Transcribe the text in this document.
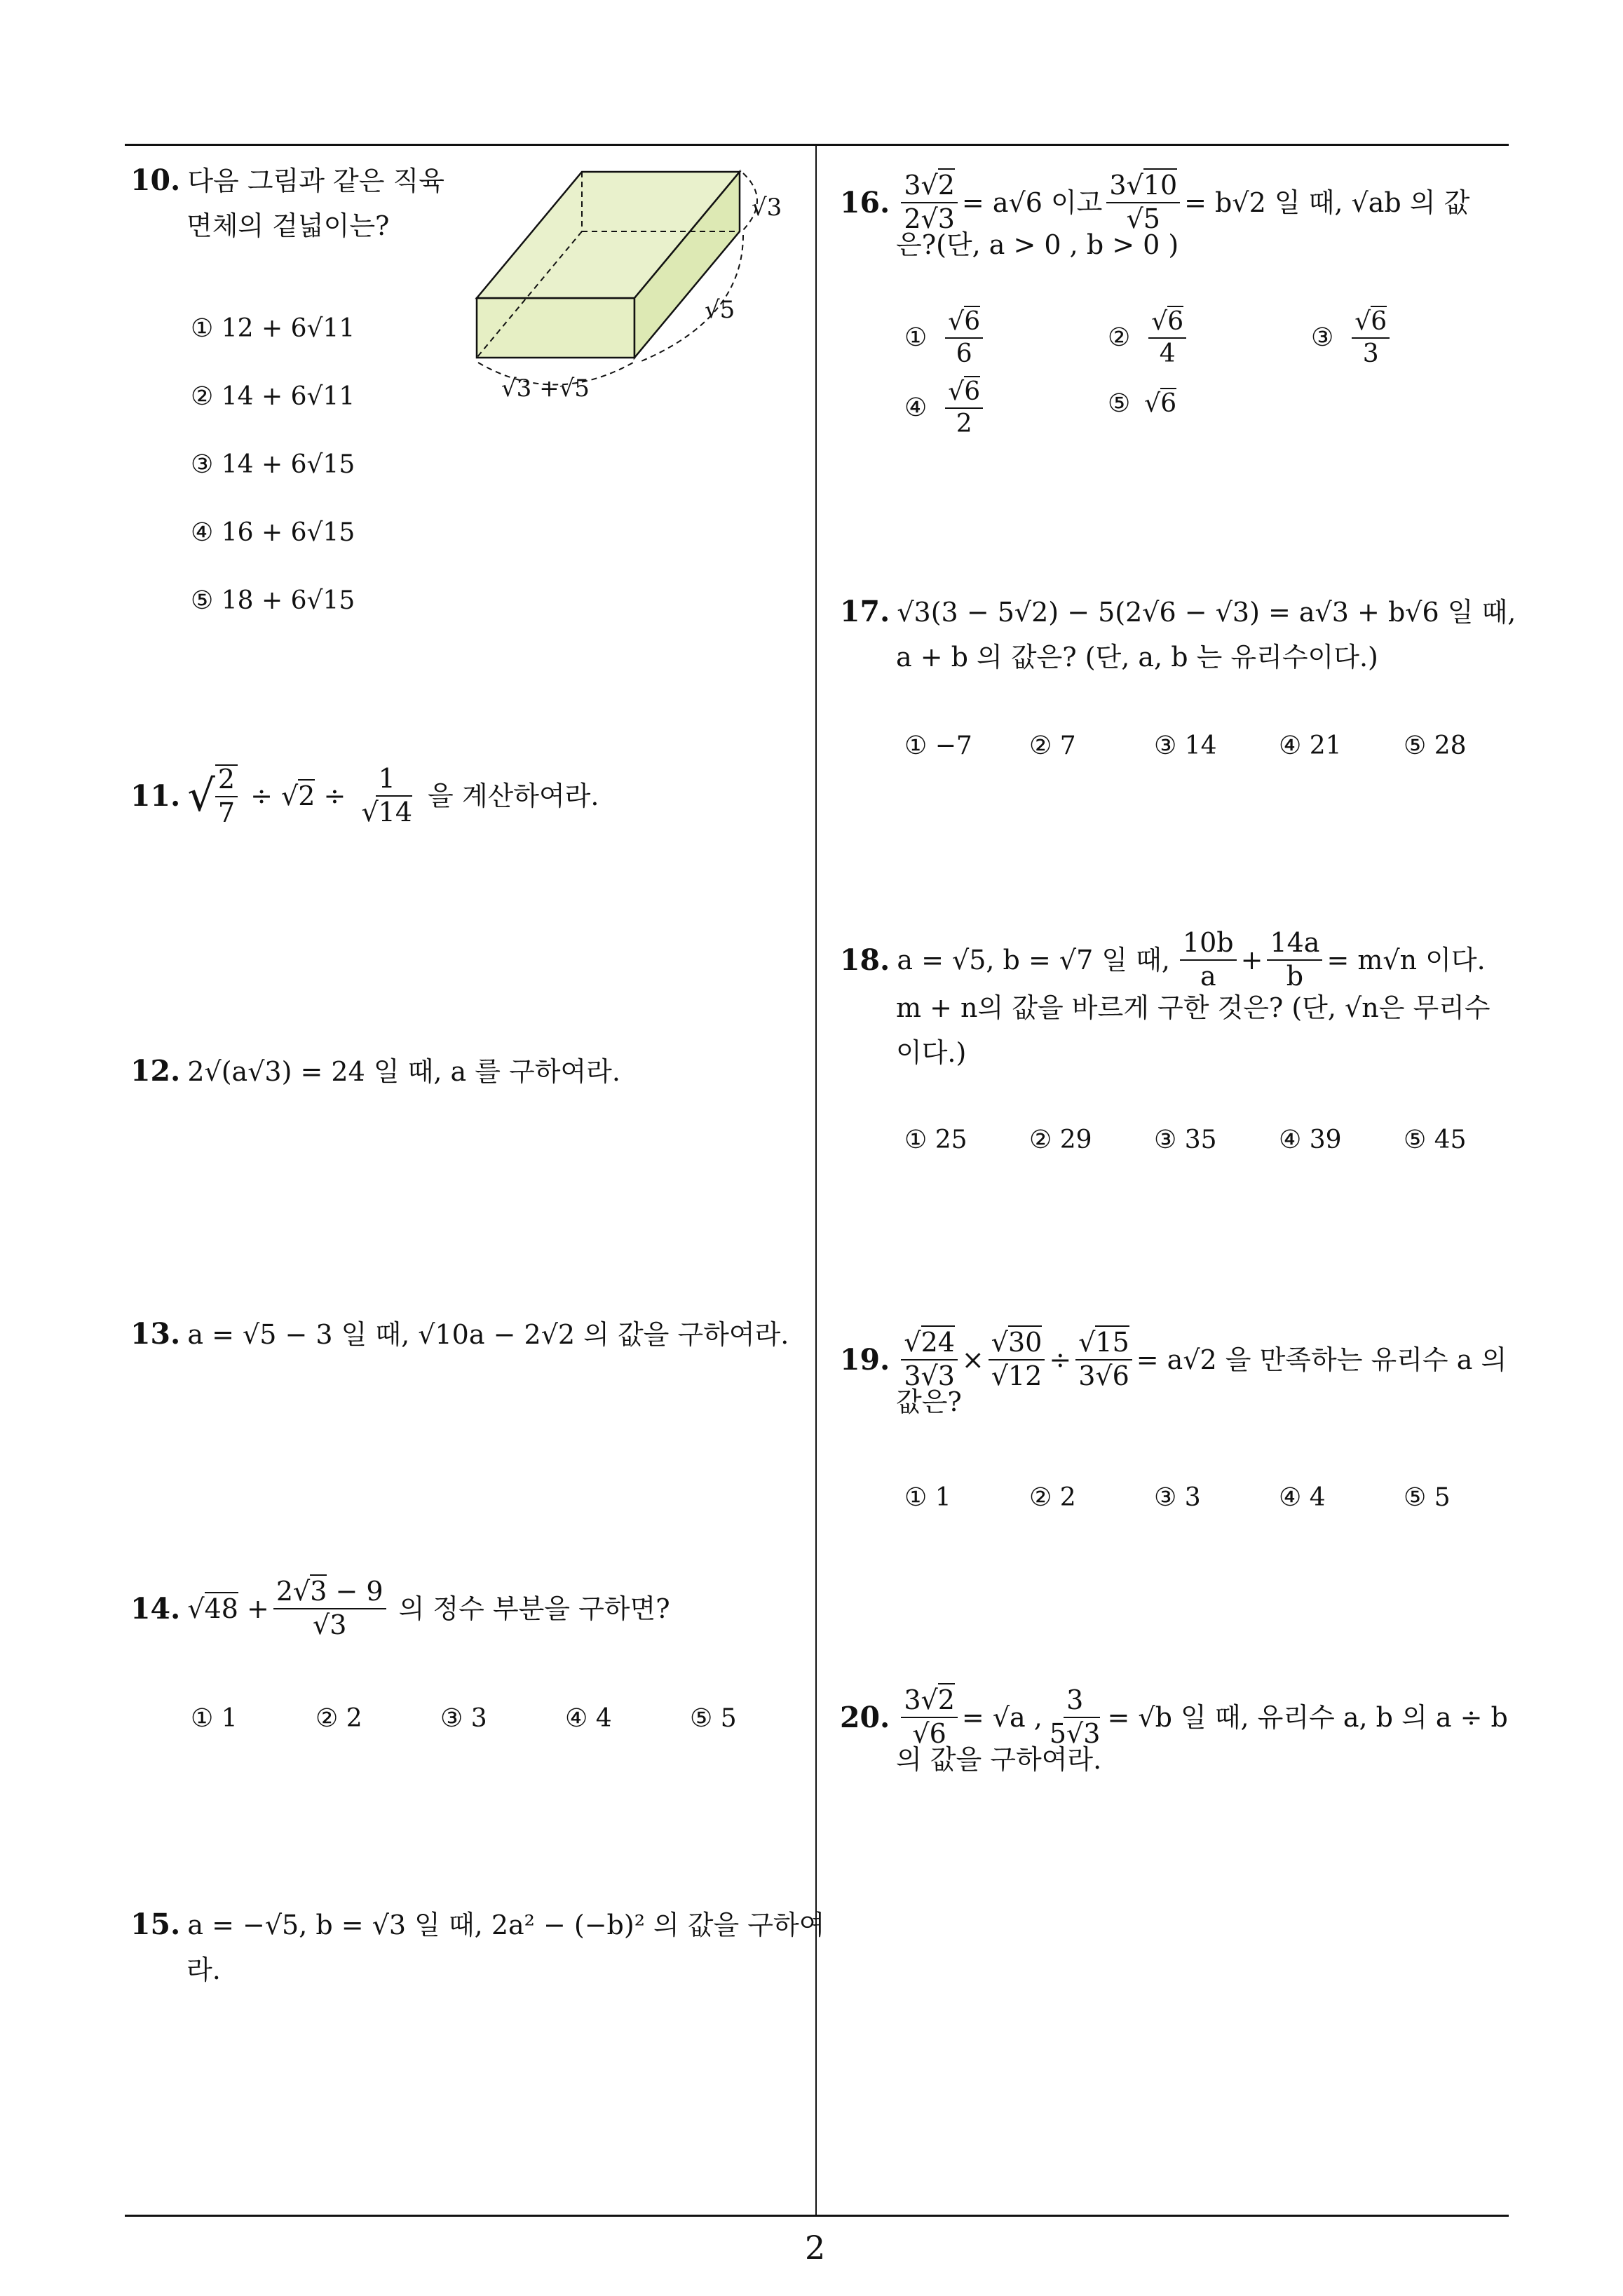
10. 다음 그림과 같은 직육
면체의 겉넓이는?
√3
√5
√3 +√5
① 12 + 6√11
② 14 + 6√11
③ 14 + 6√15
④ 16 + 6√15
⑤ 18 + 6√15
11. √ $\frac{2}{7} \div √2 \div \frac{1}{√14}$ 을 계산하여라.
12. 2√(a√3) = 24 일 때, a 를 구하여라.
13. a = √5 − 3 일 때, √10a − 2√2 의 값을 구하여라.
14. $√48 + \frac{2√3 - 9}{√3}$ 의 정수 부분을 구하면?
① 1	② 2	③ 3	④ 4	⑤ 5
15. a = −√5, b = √3 일 때, 2a² − (−b)² 의 값을 구하여
라.
16. $\frac{3√2}{2√3} = a√6$ 이고 $\frac{3√10}{√5} = b√2$ 일 때, √ab 의 값
은?(단, a > 0 , b > 0 )
① $\frac{√6}{6}$	② $\frac{√6}{4}$	③ $\frac{√6}{3}$
④ $\frac{√6}{2}$	⑤ √6
17. √3(3 − 5√2) − 5(2√6 − √3) = a√3 + b√6 일 때,
a + b 의 값은? (단, a, b 는 유리수이다.)
① −7 ② 7	③ 14 ④ 21 ⑤ 28
18. a = √5, b = √7 일 때, $\frac{10b}{a} + \frac{14a}{b} = m√n$ 이다.
m + n의 값을 바르게 구한 것은? (단, √n은 무리수
이다.)
① 25 ② 29 ③ 35 ④ 39 ⑤ 45
19. $\frac{√24}{3√3} \times \frac{√30}{√12} \div \frac{√15}{3√6} = a√2$ 을 만족하는 유리수 a 의
값은?
① 1	② 2	③ 3	④ 4	⑤ 5
20. $\frac{3√2}{√6} = √a$ , $\frac{3}{5√3} = √b$ 일 때, 유리수 a, b 의 a ÷ b
의 값을 구하여라.
2
